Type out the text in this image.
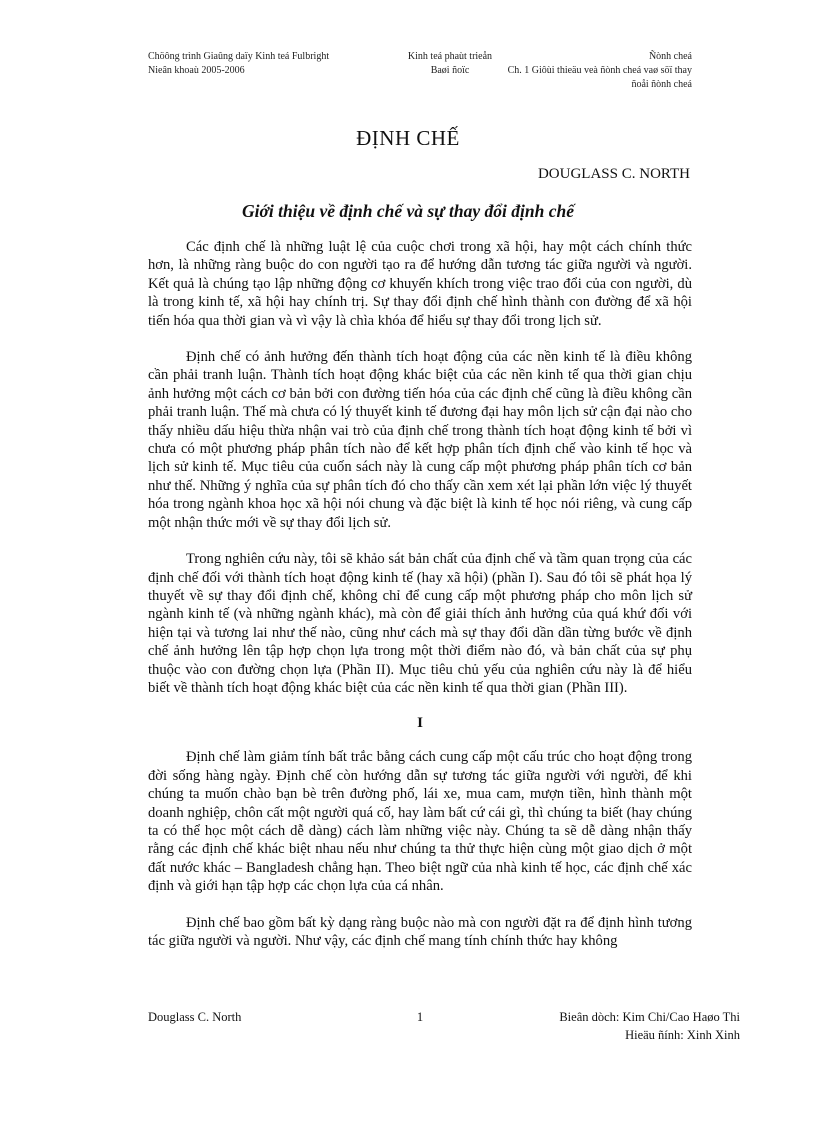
Chöông trình Giaûng daïy Kinh teá Fulbright
Nieân khoaù 2005-2006
Kinh teá phaùt trieån
Baøi ñoïc
Ñònh cheá
Ch. 1 Giôùi thieäu veà ñònh cheá vaø söï thay
ñoåi ñònh cheá
ĐỊNH CHẾ
DOUGLASS C. NORTH
Giới thiệu về định chế và sự thay đổi định chế

Các định chế là những luật lệ của cuộc chơi trong xã hội, hay một cách chính thức hơn, là những ràng buộc do con người tạo ra để hướng dẫn tương tác giữa người và người. Kết quả là chúng tạo lập những động cơ khuyến khích trong việc trao đổi của con người, dù là trong kinh tế, xã hội hay chính trị. Sự thay đổi định chế hình thành con đường để xã hội tiến hóa qua thời gian và vì vậy là chìa khóa để hiểu sự thay đổi trong lịch sử.

Định chế có ảnh hưởng đến thành tích hoạt động của các nền kinh tế là điều không cần phải tranh luận. Thành tích hoạt động khác biệt của các nền kinh tế qua thời gian chịu ảnh hưởng một cách cơ bản bởi con đường tiến hóa của các định chế cũng là điều không cần phải tranh luận. Thế mà chưa có lý thuyết kinh tế đương đại hay môn lịch sử cận đại nào cho thấy nhiều dấu hiệu thừa nhận vai trò của định chế trong thành tích hoạt động kinh tế bởi vì chưa có một phương pháp phân tích nào để kết hợp phân tích định chế vào kinh tế học và lịch sử kinh tế. Mục tiêu của cuốn sách này là cung cấp một phương pháp phân tích cơ bản như thế. Những ý nghĩa của sự phân tích đó cho thấy cần xem xét lại phần lớn việc lý thuyết hóa trong ngành khoa học xã hội nói chung và đặc biệt là kinh tế học nói riêng, và cung cấp một nhận thức mới về sự thay đổi lịch sử.

Trong nghiên cứu này, tôi sẽ khảo sát bản chất của định chế và tầm quan trọng của các định chế đối với thành tích hoạt động kinh tế (hay xã hội) (phần I). Sau đó tôi sẽ phát họa lý thuyết về sự thay đổi định chế, không chỉ để cung cấp một phương pháp cho môn lịch sử ngành kinh tế (và những ngành khác), mà còn để giải thích ảnh hưởng của quá khứ đối với hiện tại và tương lai như thế nào, cũng như cách mà sự thay đổi dần dần từng bước về định chế ảnh hưởng lên tập hợp chọn lựa trong một thời điểm nào đó, và bản chất của sự phụ thuộc vào con đường chọn lựa (Phần II). Mục tiêu chủ yếu của nghiên cứu này là để hiểu biết về thành tích hoạt động khác biệt của các nền kinh tế qua thời gian (Phần III).

I

Định chế làm giảm tính bất trắc bằng cách cung cấp một cấu trúc cho hoạt động trong đời sống hàng ngày. Định chế còn hướng dẫn sự tương tác giữa người với người, để khi chúng ta muốn chào bạn bè trên đường phố, lái xe, mua cam, mượn tiền, hình thành một doanh nghiệp, chôn cất một người quá cố, hay làm bất cứ cái gì, thì chúng ta biết (hay chúng ta có thể học một cách dễ dàng) cách làm những việc này. Chúng ta sẽ dễ dàng nhận thấy rằng các định chế khác biệt nhau nếu như chúng ta thử thực hiện cùng một giao dịch ở một đất nước khác – Bangladesh chẳng hạn. Theo biệt ngữ của nhà kinh tế học, các định chế xác định và giới hạn tập hợp các chọn lựa của cá nhân.

Định chế bao gồm bất kỳ dạng ràng buộc nào mà con người đặt ra để định hình tương tác giữa người và người. Như vậy, các định chế mang tính chính thức hay không

Douglass C. North	1	Bieân dòch: Kim Chi/Cao Haøo Thi
Hieäu ñính: Xinh Xinh
